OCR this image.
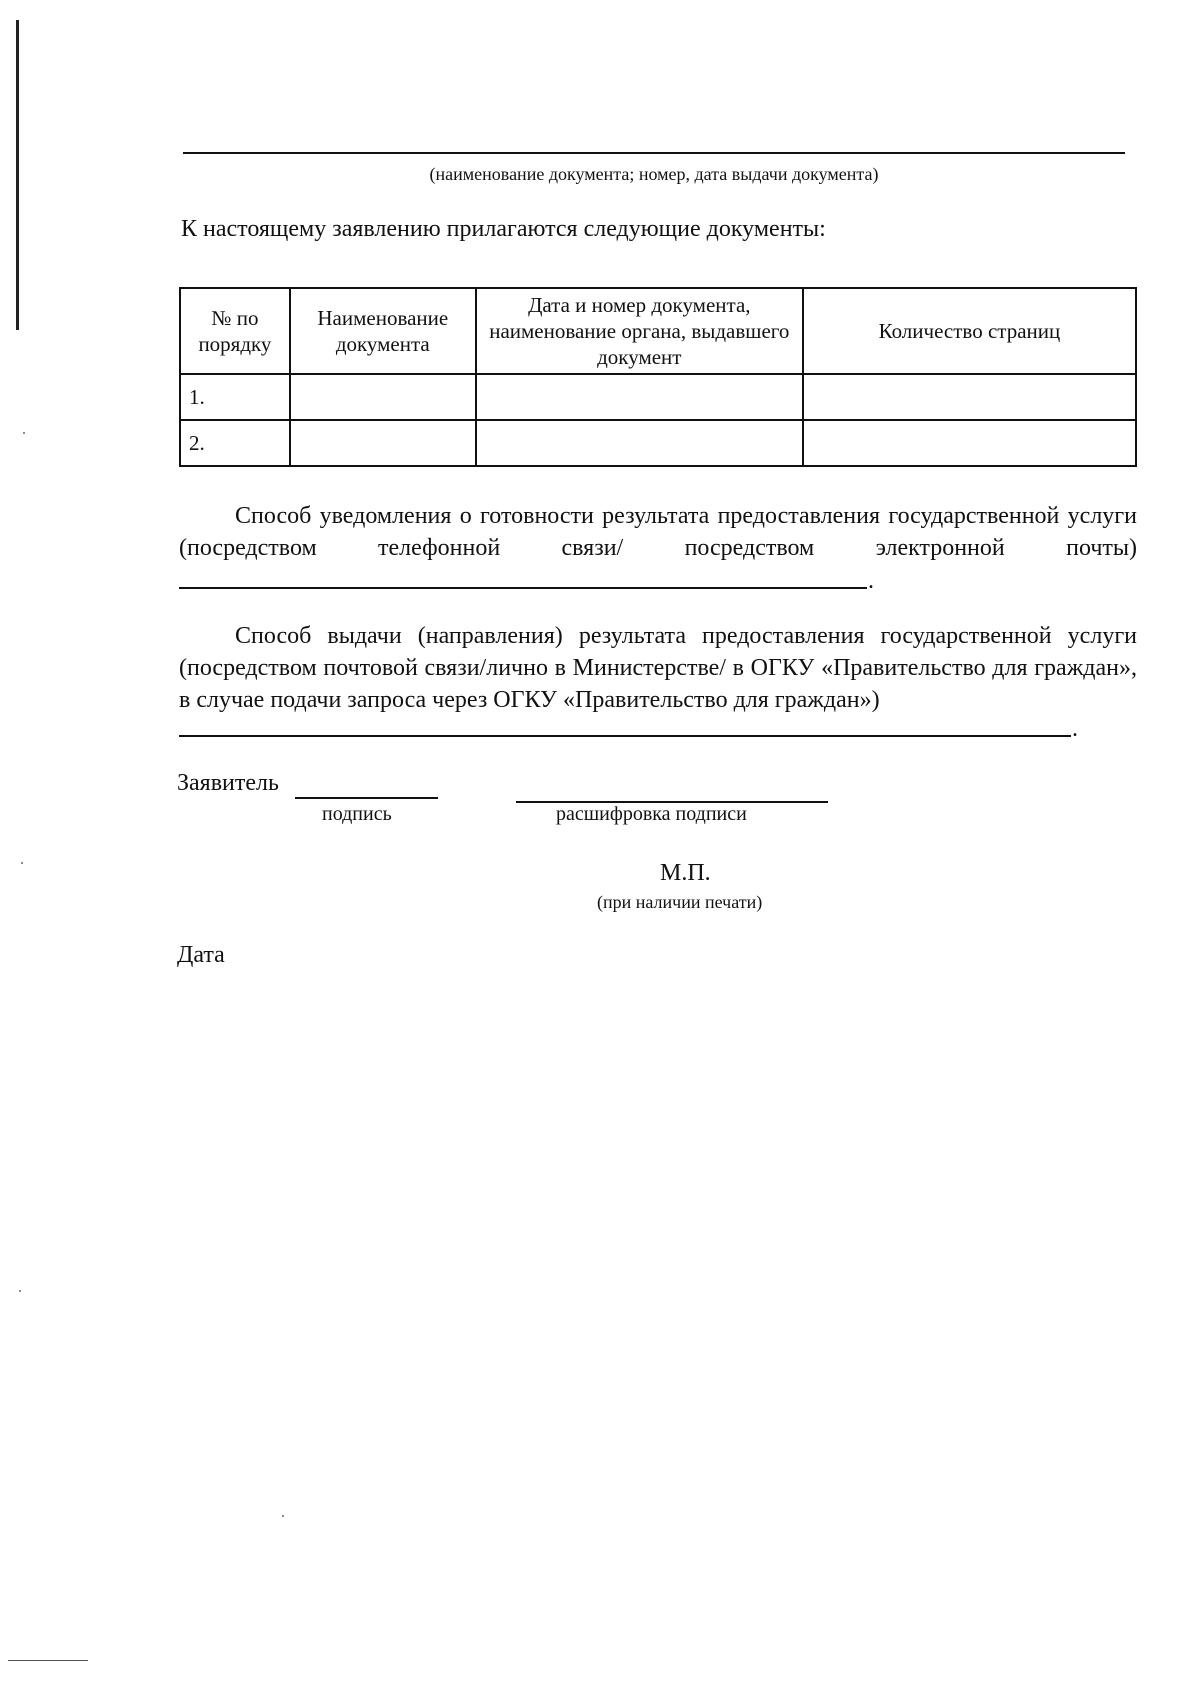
(наименование документа; номер, дата выдачи документа)
К настоящему заявлению прилагаются следующие документы:
№ по порядку	Наименование документа	Дата и номер документа, наименование органа, выдавшего документ	Количество страниц
1.			
2.			
Способ уведомления о готовности результата предоставления государственной услуги (посредством телефонной связи/ посредством электронной почты)
.
Способ выдачи (направления) результата предоставления государственной услуги (посредством почтовой связи/лично в Министерстве/ в ОГКУ «Правительство для граждан», в случае подачи запроса через ОГКУ «Правительство для граждан»)
.
Заявитель
подпись	расшифровка подписи
М.П.
(при наличии печати)
Дата
